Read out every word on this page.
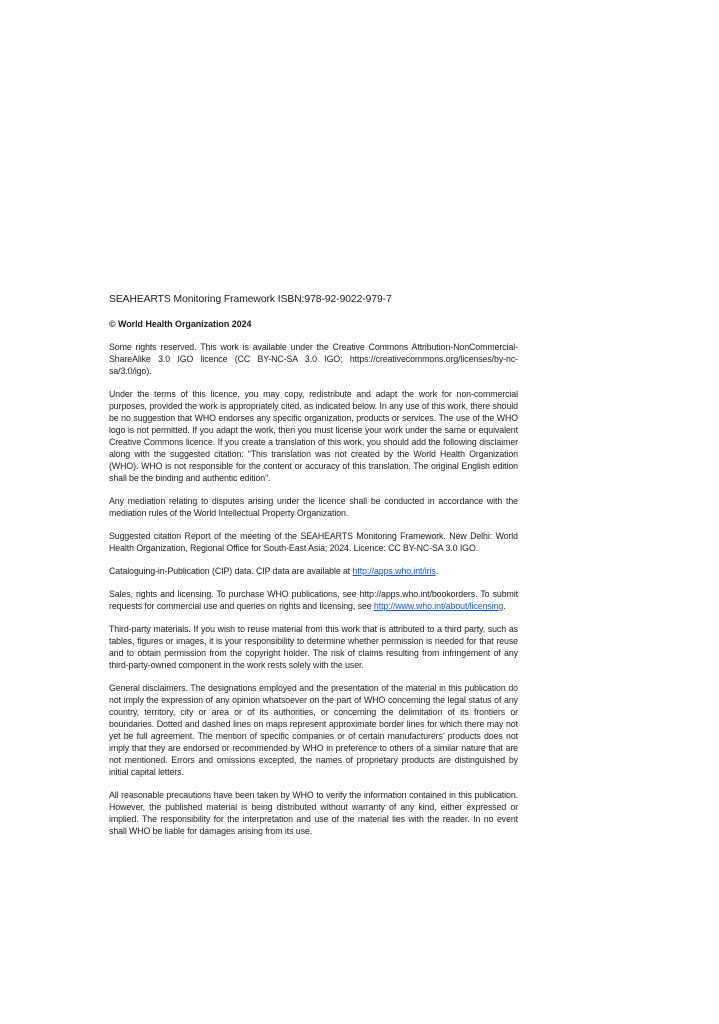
SEAHEARTS Monitoring Framework ISBN:978-92-9022-979-7
© World Health Organization 2024

Some rights reserved. This work is available under the Creative Commons Attribution-NonCommercial-ShareAlike 3.0 IGO licence (CC BY-NC-SA 3.0 IGO; https://creativecommons.org/licenses/by-nc-sa/3.0/igo).

Under the terms of this licence, you may copy, redistribute and adapt the work for non-commercial purposes, provided the work is appropriately cited, as indicated below. In any use of this work, there should be no suggestion that WHO endorses any specific organization, products or services. The use of the WHO logo is not permitted. If you adapt the work, then you must license your work under the same or equivalent Creative Commons licence. If you create a translation of this work, you should add the following disclaimer along with the suggested citation: “This translation was not created by the World Health Organization (WHO). WHO is not responsible for the content or accuracy of this translation. The original English edition shall be the binding and authentic edition”.

Any mediation relating to disputes arising under the licence shall be conducted in accordance with the mediation rules of the World Intellectual Property Organization.

Suggested citation Report of the meeting of the SEAHEARTS Monitoring Framework. New Delhi: World Health Organization, Regional Office for South-East Asia; 2024. Licence: CC BY-NC-SA 3.0 IGO.

Cataloguing-in-Publication (CIP) data. CIP data are available at http://apps.who.int/iris.

Sales, rights and licensing. To purchase WHO publications, see http://apps.who.int/bookorders. To submit requests for commercial use and queries on rights and licensing, see http://www.who.int/about/licensing.

Third-party materials. If you wish to reuse material from this work that is attributed to a third party, such as tables, figures or images, it is your responsibility to determine whether permission is needed for that reuse and to obtain permission from the copyright holder. The risk of claims resulting from infringement of any third-party-owned component in the work rests solely with the user.

General disclaimers. The designations employed and the presentation of the material in this publication do not imply the expression of any opinion whatsoever on the part of WHO concerning the legal status of any country, territory, city or area or of its authorities, or concerning the delimitation of its frontiers or boundaries. Dotted and dashed lines on maps represent approximate border lines for which there may not yet be full agreement. The mention of specific companies or of certain manufacturers’ products does not imply that they are endorsed or recommended by WHO in preference to others of a similar nature that are not mentioned. Errors and omissions excepted, the names of proprietary products are distinguished by initial capital letters.

All reasonable precautions have been taken by WHO to verify the information contained in this publication. However, the published material is being distributed without warranty of any kind, either expressed or implied. The responsibility for the interpretation and use of the material lies with the reader. In no event shall WHO be liable for damages arising from its use.
